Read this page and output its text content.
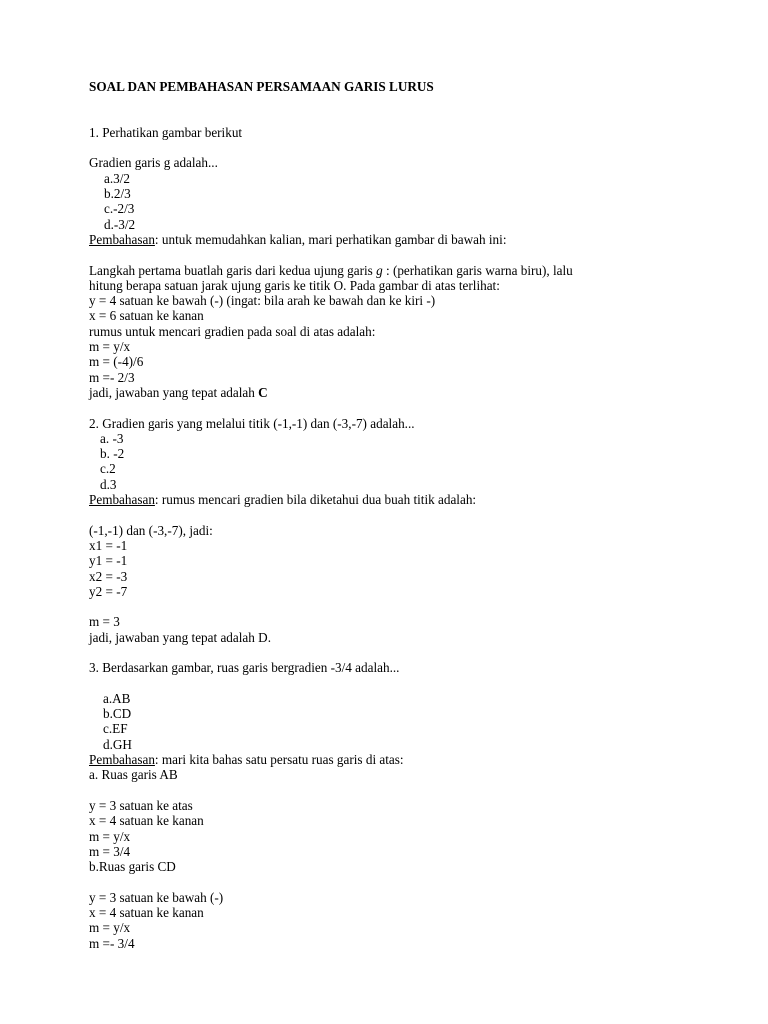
SOAL DAN PEMBAHASAN PERSAMAAN GARIS LURUS
1. Perhatikan gambar berikut
Gradien garis g adalah...
a.3/2
b.2/3
c.-2/3
d.-3/2
Pembahasan: untuk memudahkan kalian, mari perhatikan gambar di bawah ini:
Langkah pertama buatlah garis dari kedua ujung garis g : (perhatikan garis warna biru), lalu
hitung berapa satuan jarak ujung garis ke titik O. Pada gambar di atas terlihat:
y = 4 satuan ke bawah (-) (ingat: bila arah ke bawah dan ke kiri -)
x = 6 satuan ke kanan
rumus untuk mencari gradien pada soal di atas adalah:
m = y/x
m = (-4)/6
m =- 2/3
jadi, jawaban yang tepat adalah C
2. Gradien garis yang melalui titik (-1,-1) dan (-3,-7) adalah...
a. -3
b. -2
c.2
d.3
Pembahasan: rumus mencari gradien bila diketahui dua buah titik adalah:
(-1,-1) dan (-3,-7), jadi:
x1 = -1
y1 = -1
x2 = -3
y2 = -7
m = 3
jadi, jawaban yang tepat adalah D.
3. Berdasarkan gambar, ruas garis bergradien -3/4 adalah...
a.AB
b.CD
c.EF
d.GH
Pembahasan: mari kita bahas satu persatu ruas garis di atas:
a. Ruas garis AB
y = 3 satuan ke atas
x = 4 satuan ke kanan
m = y/x
m = 3/4
b.Ruas garis CD
y = 3 satuan ke bawah (-)
x = 4 satuan ke kanan
m = y/x
m =- 3/4
